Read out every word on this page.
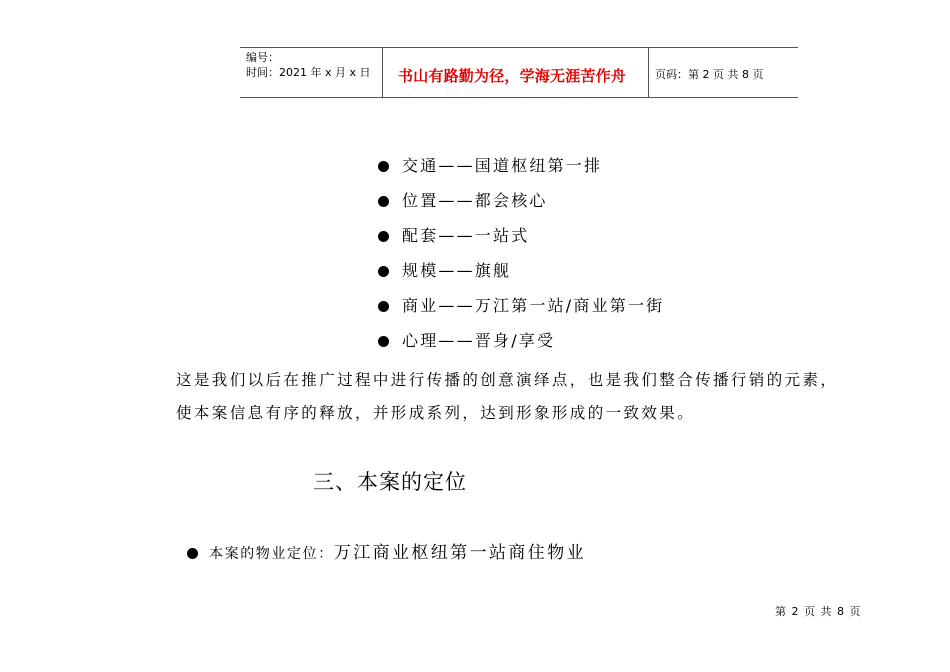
编号：
时间：2021 年 x 月 x 日 书山有路勤为径，学海无涯苦作舟	页码：第 2 页 共 8 页
交通——国道枢纽第一排
位置——都会核心
配套——一站式
规模——旗舰
商业——万江第一站/商业第一街
心理——晋身/享受
这是我们以后在推广过程中进行传播的创意演绎点，也是我们整合传播行销的元素，
使本案信息有序的释放，并形成系列，达到形象形成的一致效果。
三、本案的定位
本案的物业定位：万江商业枢纽第一站商住物业
第 2 页 共 8 页
